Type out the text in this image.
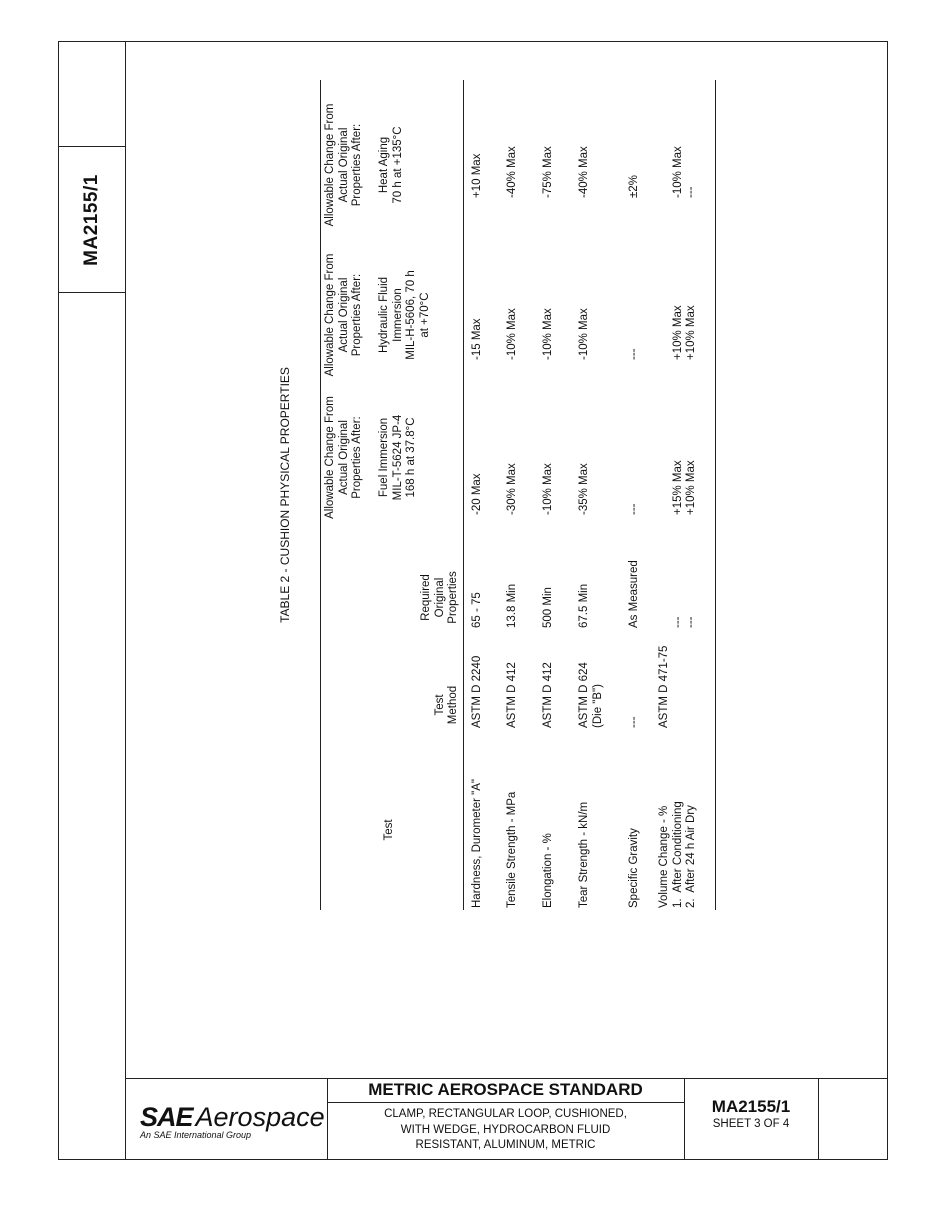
MA2155/1
TABLE 2 - CUSHION PHYSICAL PROPERTIES
Test
Test Method
Required Original Properties
Allowable Change From Actual Original Properties After:
Fuel Immersion MIL-T-5624 JP-4 168 h at 37.8°C
Allowable Change From Actual Original Properties After:
Hydraulic Fluid Immersion MIL-H-5606, 70 h at +70°C
Allowable Change From Actual Original Properties After:
Heat Aging 70 h at +135°C
Hardness, Durometer "A"
ASTM D 2240
65 - 75
-20 Max
-15 Max
+10 Max
Tensile Strength - MPa
ASTM D 412
13.8 Min
-30% Max
-10% Max
-40% Max
Elongation - %
ASTM D 412
500 Min
-10% Max
-10% Max
-75% Max
Tear Strength - kN/m
ASTM D 624 (Die "B")
67.5 Min
-35% Max
-10% Max
-40% Max
Specific Gravity
---
As Measured
---
---
±2%
Volume Change - % 1.  After Conditioning 2.  After 24 h Air Dry
ASTM D 471-75

--- ---

+15% Max +10% Max

+10% Max +10% Max

-10% Max ---
SAE Aerospace
An SAE International Group
METRIC AEROSPACE STANDARD
CLAMP, RECTANGULAR LOOP, CUSHIONED,
WITH WEDGE, HYDROCARBON FLUID
RESISTANT, ALUMINUM, METRIC
MA2155/1
SHEET 3 OF 4
